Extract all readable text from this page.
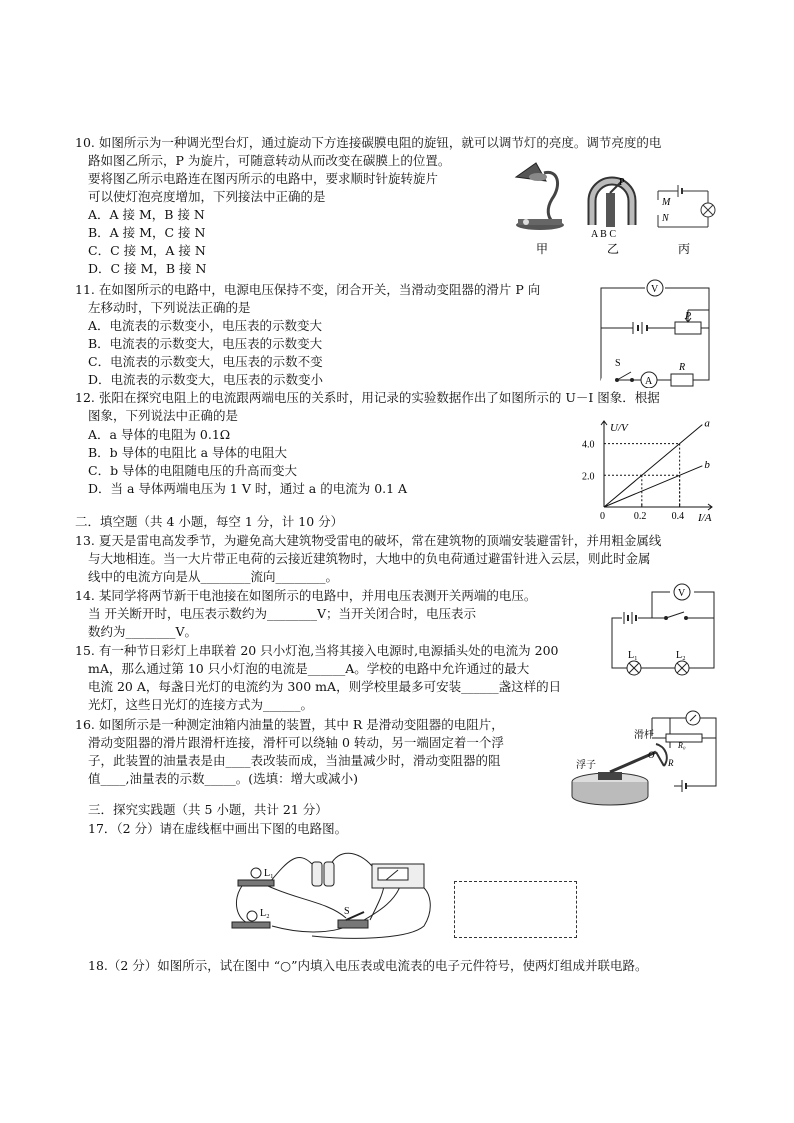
10. 如图所示为一种调光型台灯，通过旋动下方连接碳膜电阻的旋钮，就可以调节灯的亮度。调节亮度的电
路如图乙所示，P 为旋片，可随意转动从而改变在碳膜上的位置。
要将图乙所示电路连在图丙所示的电路中，要求顺时针旋转旋片
可以使灯泡亮度增加，下列接法中正确的是
A．A 接 M，B 接 N
B．A 接 M，C 接 N
C．C 接 M，A 接 N
D．C 接 M，B 接 N
甲
P
A B C
乙
M
N
丙
11. 在如图所示的电路中，电源电压保持不变，闭合开关，当滑动变阻器的滑片 P 向
左移动时，下列说法正确的是
A．电流表的示数变小，电压表的示数变大
B．电流表的示数变大，电压表的示数变大
C．电流表的示数变大，电压表的示数不变
D．电流表的示数变大，电压表的示数变小
V
P
S
A
R
12. 张阳在探究电阻上的电流跟两端电压的关系时，用记录的实验数据作出了如图所示的 U－I 图象．根据
图象，下列说法中正确的是
A．a 导体的电阻为 0.1Ω
B．b 导体的电阻比 a 导体的电阻大
C．b 导体的电阻随电压的升高而变大
D．当 a 导体两端电压为 1 V 时，通过 a 的电流为 0.1 A
U/V
I/A
0	0.2	0.4
2.0
4.0
a
b
二．填空题（共 4 小题，每空 1 分，计 10 分）
13. 夏天是雷电高发季节，为避免高大建筑物受雷电的破坏，常在建筑物的顶端安装避雷针，并用粗金属线
与大地相连。当一大片带正电荷的云接近建筑物时，大地中的负电荷通过避雷针进入云层，则此时金属
线中的电流方向是从________流向________。
14. 某同学将两节新干电池接在如图所示的电路中，并用电压表测开关两端的电压。
当 开关断开时，电压表示数约为________V；当开关闭合时，电压表示
数约为________V。
V
L₁	L₂
15. 有一种节日彩灯上串联着 20 只小灯泡,当将其接入电源时,电源插头处的电流为 200
mA，那么通过第 10 只小灯泡的电流是______A。学校的电路中允许通过的最大
电流 20 A，每盏日光灯的电流约为 300 mA，则学校里最多可安装______盏这样的日
光灯，这些日光灯的连接方式为______。
16. 如图所示是一种测定油箱内油量的装置，其中 R 是滑动变阻器的电阻片，
滑动变阻器的滑片跟滑杆连接，滑杆可以绕轴 0 转动，另一端固定着一个浮
子，此装置的油量表是由____表改装而成，当油量减少时，滑动变阻器的阻
值____,油量表的示数_____。(选填：增大或减小)
浮子
滑杆
O
R
R₀
三．探究实践题（共 5 小题，共计 21 分）
17．（2 分）请在虚线框中画出下图的电路图。
L₁
L₂	S
18.（2 分）如图所示，试在图中 “○”内填入电压表或电流表的电子元件符号，使两灯组成并联电路。
